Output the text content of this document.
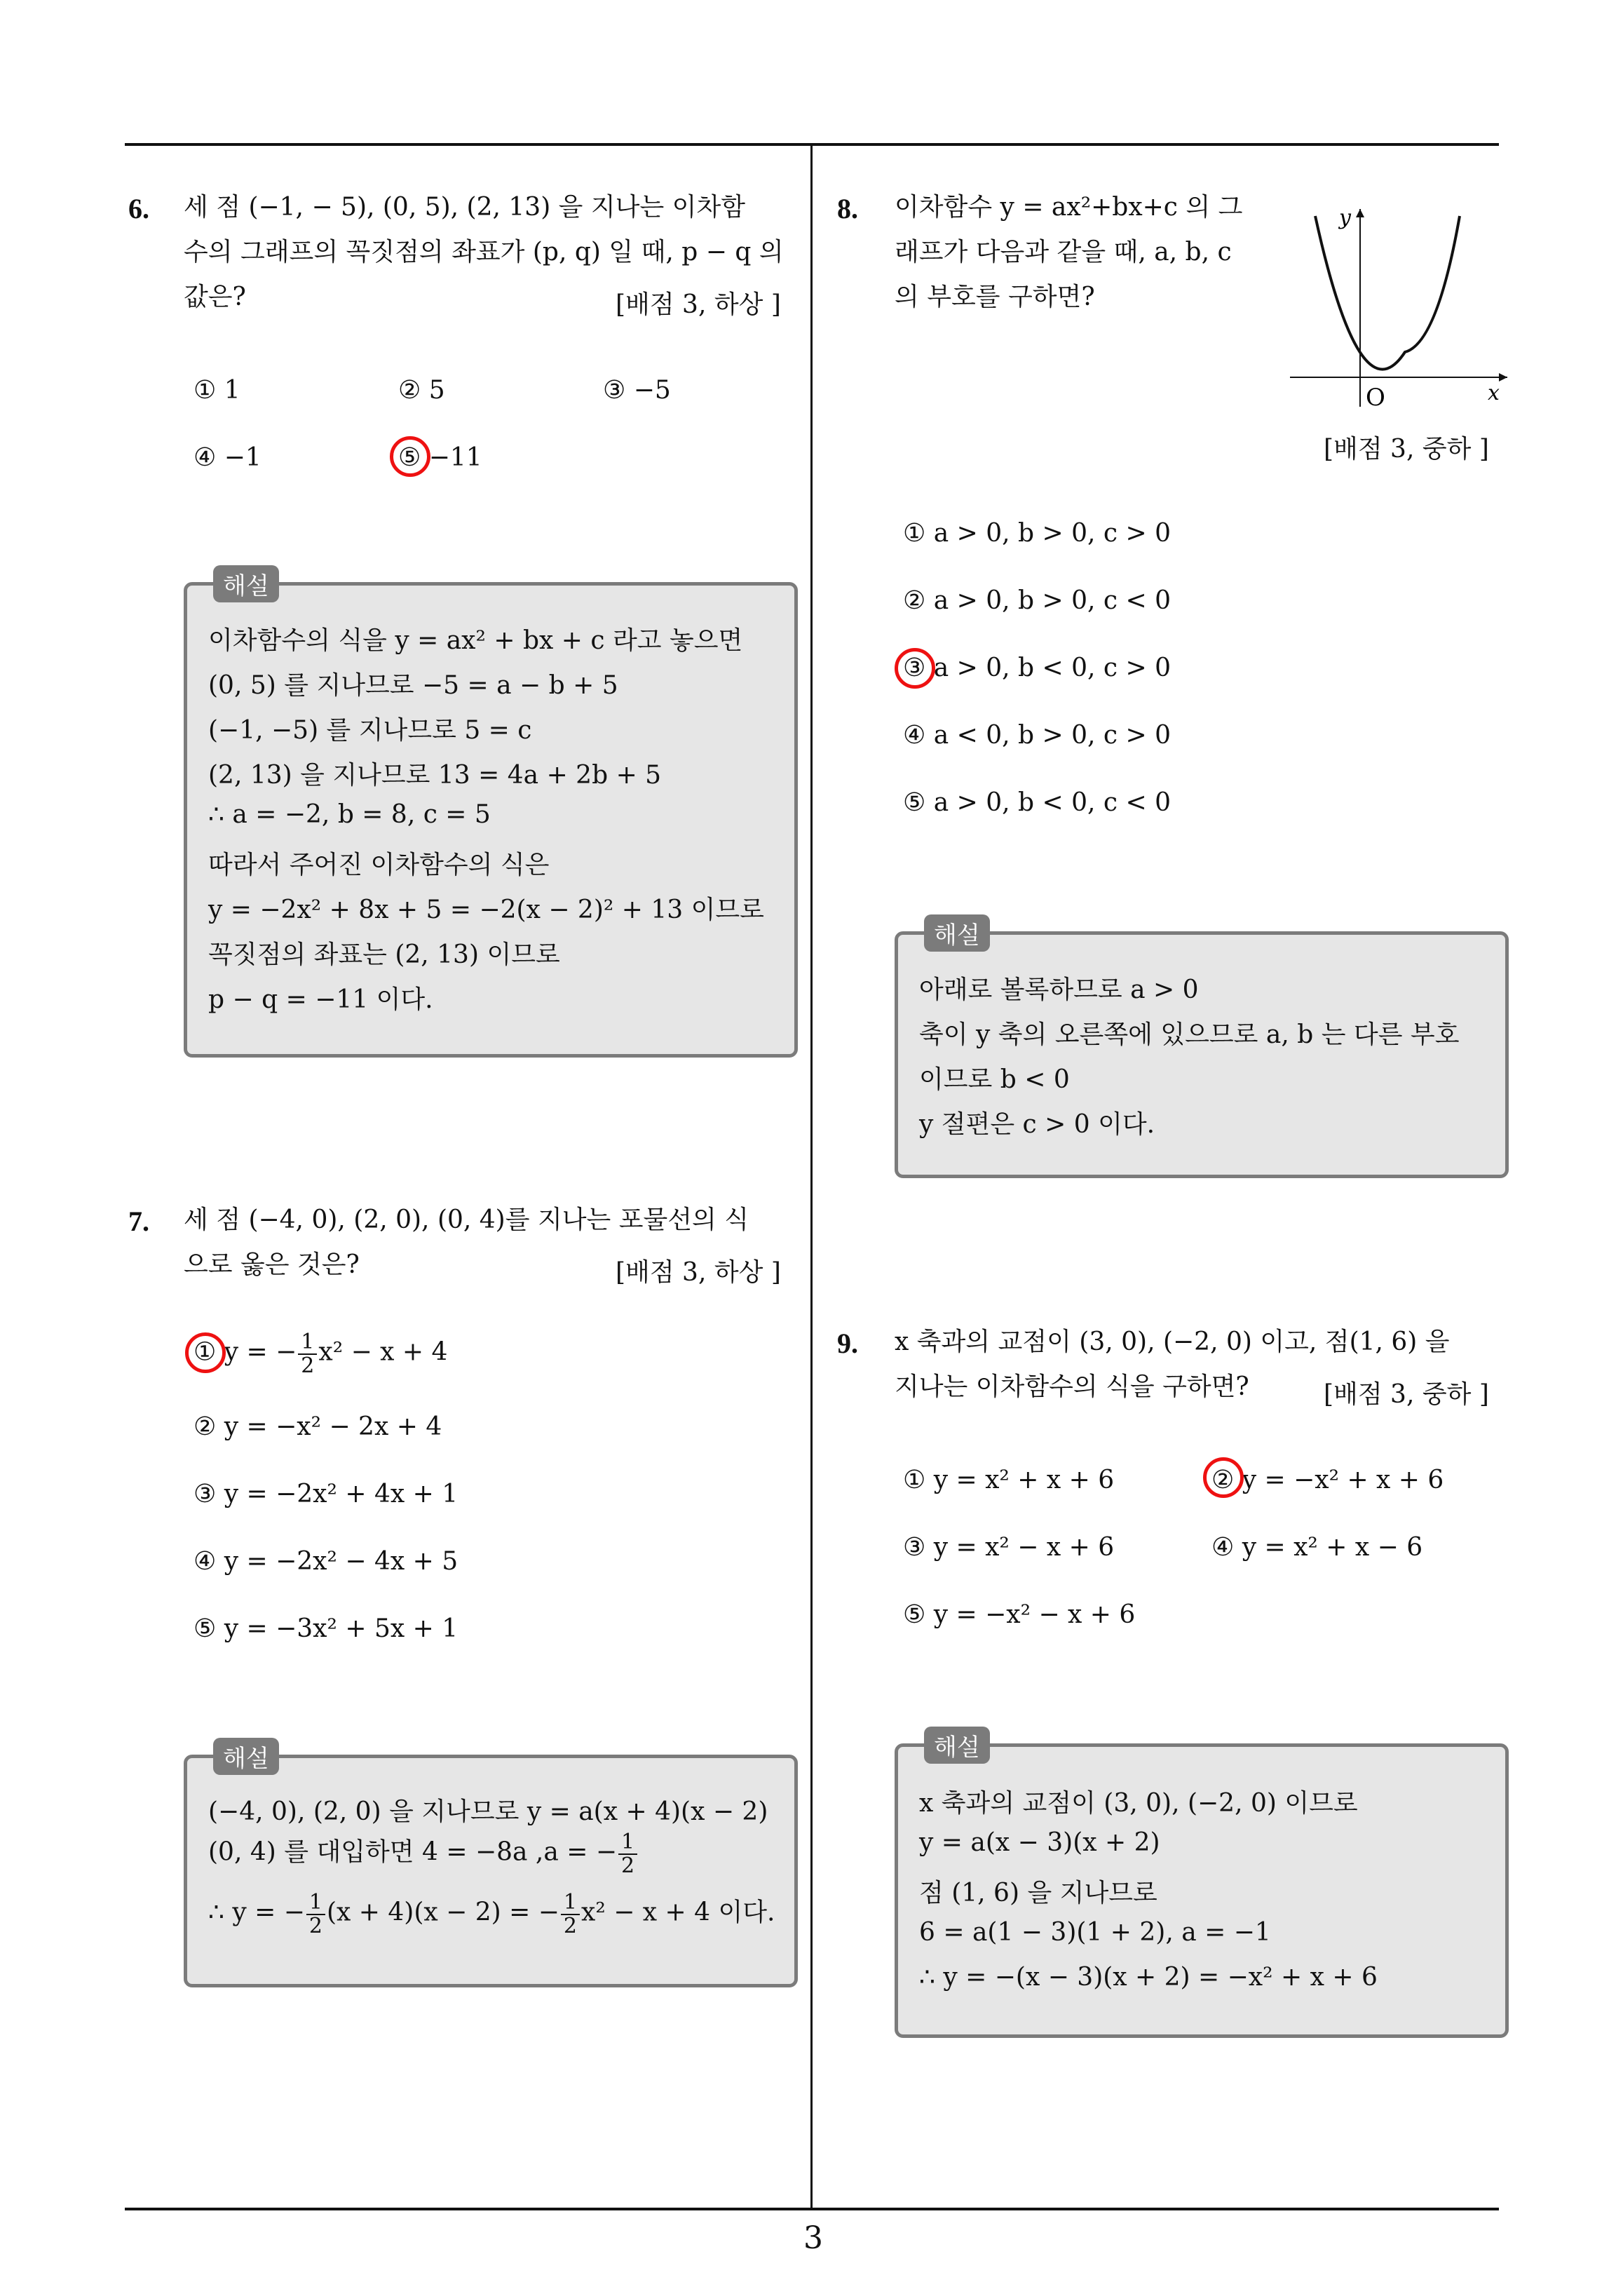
6. 세 점 (−1, − 5), (0, 5), (2, 13) 을 지나는 이차함
수의 그래프의 꼭짓점의 좌표가 (p, q) 일 때, p − q 의
값은?	[배점 3, 하상 ]
① 1	② 5	③ −5
④ −1	⑤ −11
이차함수의 식을 y = ax² + bx + c 라고 놓으면
(0, 5) 를 지나므로 −5 = a − b + 5
(−1, −5) 를 지나므로 5 = c
(2, 13) 을 지나므로 13 = 4a + 2b + 5
∴ a = −2, b = 8, c = 5
따라서 주어진 이차함수의 식은
y = −2x² + 8x + 5 = −2(x − 2)² + 13 이므로
꼭짓점의 좌표는 (2, 13) 이므로
p − q = −11 이다.
해설
7. 세 점 (−4, 0), (2, 0), (0, 4)를 지나는 포물선의 식
으로 옳은 것은?	[배점 3, 하상 ]
① y = − $\frac{1}{2} x^2 - x + 4$
② y = −x² − 2x + 4
③ y = −2x² + 4x + 1
④ y = −2x² − 4x + 5
⑤ y = −3x² + 5x + 1
(−4, 0), (2, 0) 을 지나므로 y = a(x + 4)(x − 2)
(0, 4) 를 대입하면 4 = −8a ,a = − $\frac{1}{2}$
∴ y = − $\frac{1}{2} (x + 4)(x - 2)$ = − $\frac{1}{2} x^2 - x + 4$ 이다.
해설
8. 이차함수 y = ax²+bx+c 의 그
래프가 다음과 같을 때, a, b, c
의 부호를 구하면?
y
x
O
[배점 3, 중하 ]
① a > 0, b > 0, c > 0
② a > 0, b > 0, c < 0
③ a > 0, b < 0, c > 0
④ a < 0, b > 0, c > 0
⑤ a > 0, b < 0, c < 0
아래로 볼록하므로 a > 0
축이 y 축의 오른쪽에 있으므로 a, b 는 다른 부호
이므로 b < 0
y 절편은 c > 0 이다.
해설
9. x 축과의 교점이 (3, 0), (−2, 0) 이고, 점(1, 6) 을
지나는 이차함수의 식을 구하면?	[배점 3, 중하 ]
① y = x² + x + 6	② y = −x² + x + 6
③ y = x² − x + 6	④ y = x² + x − 6
⑤ y = −x² − x + 6
x 축과의 교점이 (3, 0), (−2, 0) 이므로
y = a(x − 3)(x + 2)
점 (1, 6) 을 지나므로
6 = a(1 − 3)(1 + 2), a = −1
∴ y = −(x − 3)(x + 2) = −x² + x + 6
해설
3
